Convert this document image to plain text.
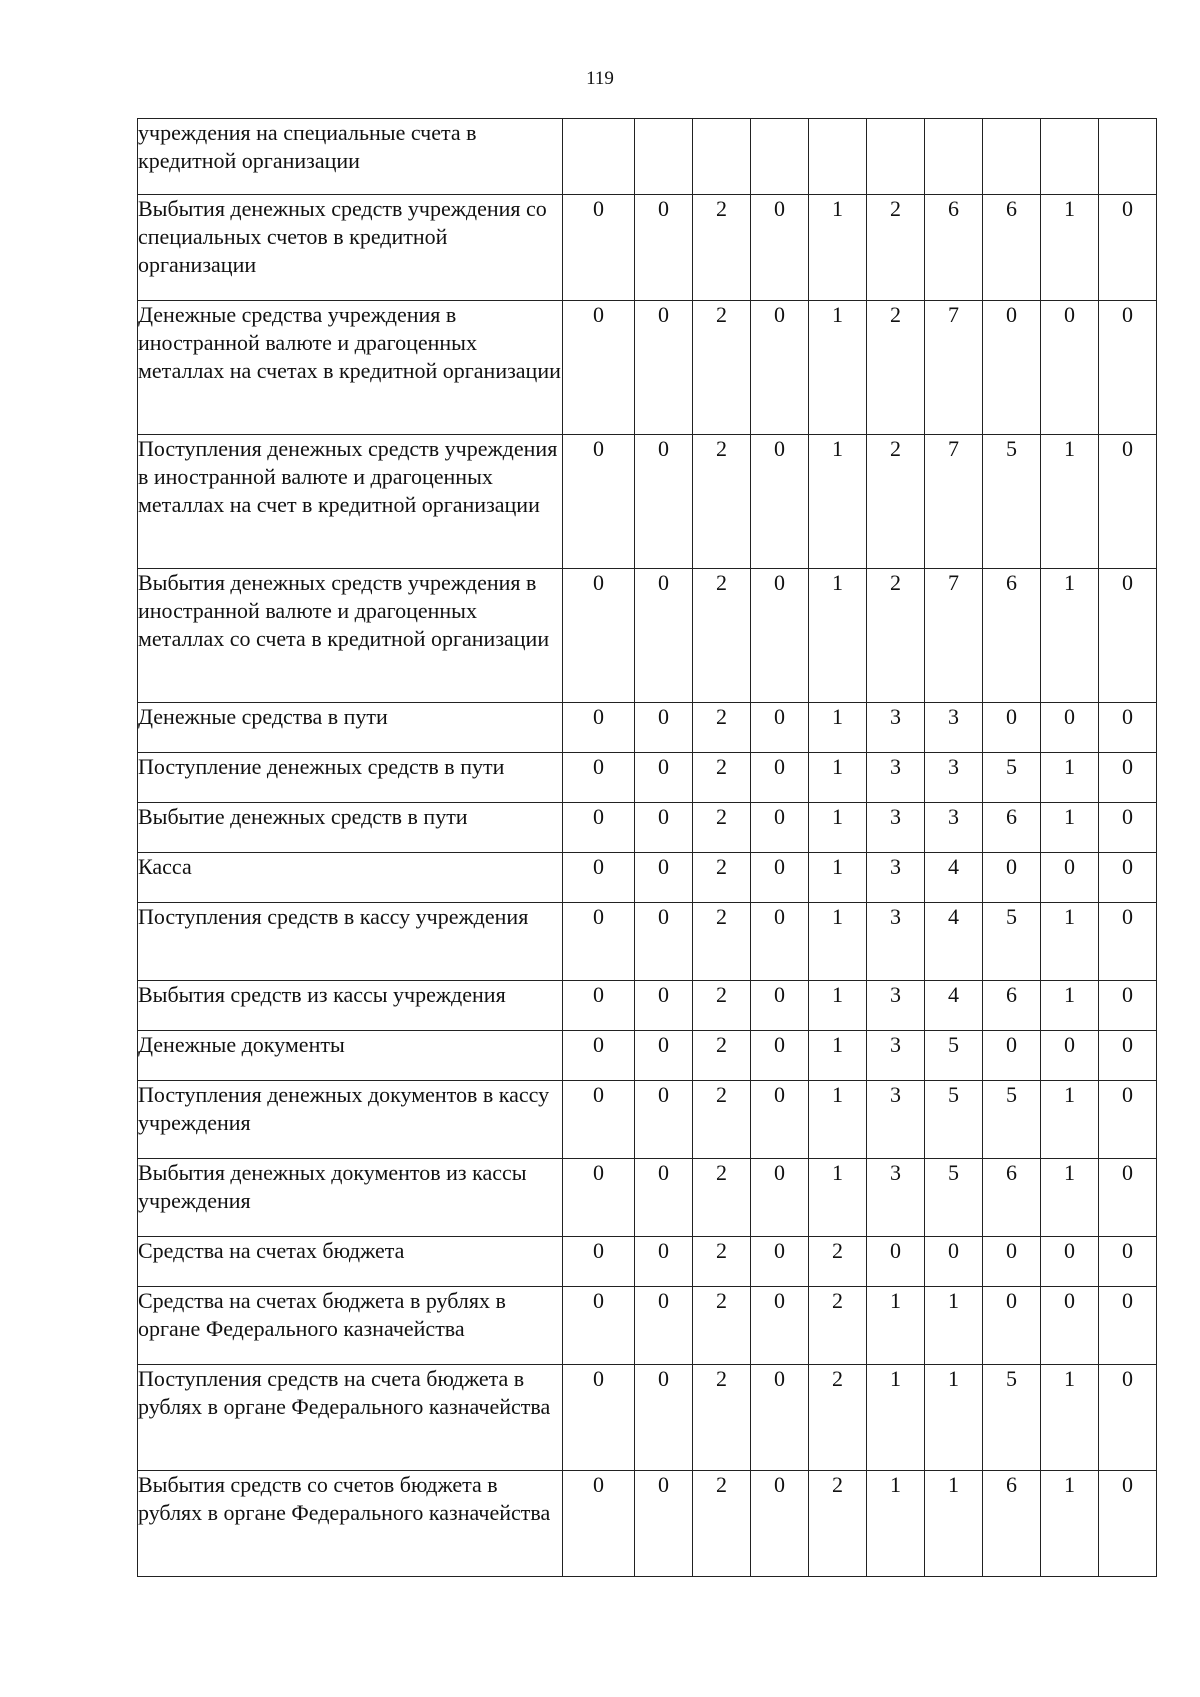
119
учреждения на специальные счета в кредитной организации										
Выбытия денежных средств учреждения со специальных счетов в кредитной организации	0	0	2	0	1	2	6	6	1	0
Денежные средства учреждения в иностранной валюте и драгоценных металлах на счетах в кредитной организации	0	0	2	0	1	2	7	0	0	0
Поступления денежных средств учреждения в иностранной валюте и драгоценных металлах на счет в кредитной организации	0	0	2	0	1	2	7	5	1	0
Выбытия денежных средств учреждения в иностранной валюте и драгоценных металлах со счета в кредитной организации	0	0	2	0	1	2	7	6	1	0
Денежные средства в пути	0	0	2	0	1	3	3	0	0	0
Поступление денежных средств в пути	0	0	2	0	1	3	3	5	1	0
Выбытие денежных средств в пути	0	0	2	0	1	3	3	6	1	0
Касса	0	0	2	0	1	3	4	0	0	0
Поступления средств в кассу учреждения	0	0	2	0	1	3	4	5	1	0
Выбытия средств из кассы учреждения	0	0	2	0	1	3	4	6	1	0
Денежные документы	0	0	2	0	1	3	5	0	0	0
Поступления денежных документов в кассу учреждения	0	0	2	0	1	3	5	5	1	0
Выбытия денежных документов из кассы учреждения	0	0	2	0	1	3	5	6	1	0
Средства на счетах бюджета	0	0	2	0	2	0	0	0	0	0
Средства на счетах бюджета в рублях в органе Федерального казначейства	0	0	2	0	2	1	1	0	0	0
Поступления средств на счета бюджета в рублях в органе Федерального казначейства	0	0	2	0	2	1	1	5	1	0
Выбытия средств со счетов бюджета в рублях в органе Федерального казначейства	0	0	2	0	2	1	1	6	1	0
